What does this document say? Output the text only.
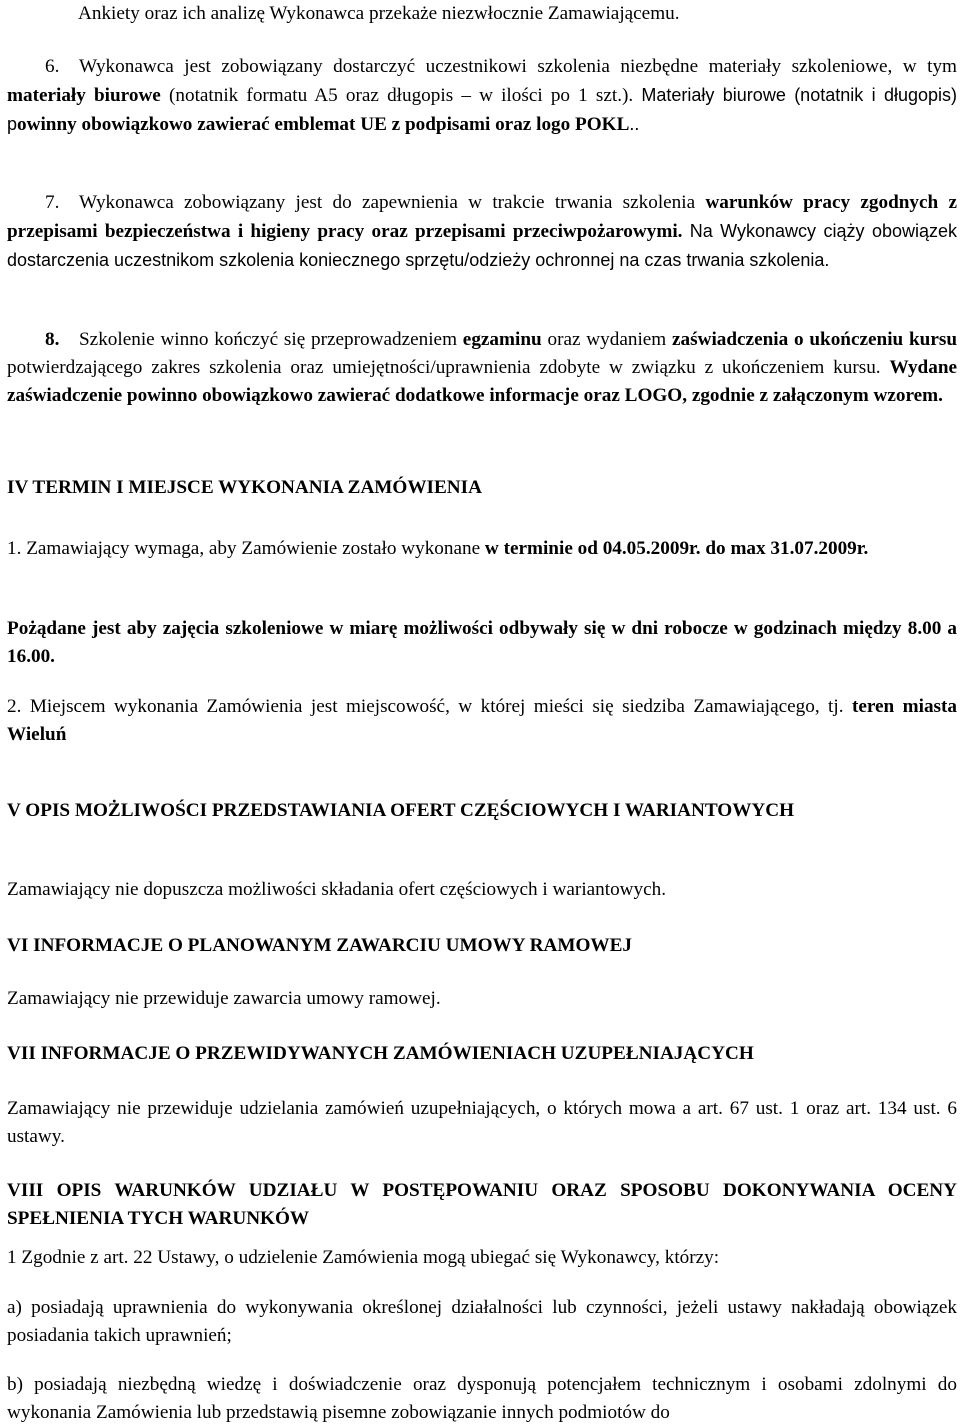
Ankiety oraz ich analizę Wykonawca przekaże niezwłocznie Zamawiającemu.

6. Wykonawca jest zobowiązany dostarczyć uczestnikowi szkolenia niezbędne materiały szkoleniowe, w tym materiały biurowe (notatnik formatu A5 oraz długopis – w ilości po 1 szt.). Materiały biurowe (notatnik i długopis) powinny obowiązkowo zawierać emblemat UE z podpisami oraz logo POKL..

7. Wykonawca zobowiązany jest do zapewnienia w trakcie trwania szkolenia warunków pracy zgodnych z przepisami bezpieczeństwa i higieny pracy oraz przepisami przeciwpożarowymi. Na Wykonawcy ciąży obowiązek dostarczenia uczestnikom szkolenia koniecznego sprzętu/odzieży ochronnej na czas trwania szkolenia.

8. Szkolenie winno kończyć się przeprowadzeniem egzaminu oraz wydaniem zaświadczenia o ukończeniu kursu potwierdzającego zakres szkolenia oraz umiejętności/uprawnienia zdobyte w związku z ukończeniem kursu. Wydane zaświadczenie powinno obowiązkowo zawierać dodatkowe informacje oraz LOGO, zgodnie z załączonym wzorem.

IV TERMIN I MIEJSCE WYKONANIA ZAMÓWIENIA

1. Zamawiający wymaga, aby Zamówienie zostało wykonane w terminie od 04.05.2009r. do max 31.07.2009r.

Pożądane jest aby zajęcia szkoleniowe w miarę możliwości odbywały się w dni robocze w godzinach między 8.00 a 16.00.

2. Miejscem wykonania Zamówienia jest miejscowość, w której mieści się siedziba Zamawiającego, tj. teren miasta Wieluń

V OPIS MOŻLIWOŚCI PRZEDSTAWIANIA OFERT CZĘŚCIOWYCH I WARIANTOWYCH

Zamawiający nie dopuszcza możliwości składania ofert częściowych i wariantowych.

VI INFORMACJE O PLANOWANYM ZAWARCIU UMOWY RAMOWEJ

Zamawiający nie przewiduje zawarcia umowy ramowej.

VII INFORMACJE O PRZEWIDYWANYCH ZAMÓWIENIACH UZUPEŁNIAJĄCYCH

Zamawiający nie przewiduje udzielania zamówień uzupełniających, o których mowa a art. 67 ust. 1 oraz art. 134 ust. 6 ustawy.

VIII OPIS WARUNKÓW UDZIAŁU W POSTĘPOWANIU ORAZ SPOSOBU DOKONYWANIA OCENY SPEŁNIENIA TYCH WARUNKÓW

1 Zgodnie z art. 22 Ustawy, o udzielenie Zamówienia mogą ubiegać się Wykonawcy, którzy:

a) posiadają uprawnienia do wykonywania określonej działalności lub czynności, jeżeli ustawy nakładają obowiązek posiadania takich uprawnień;

b) posiadają niezbędną wiedzę i doświadczenie oraz dysponują potencjałem technicznym i osobami zdolnymi do wykonania Zamówienia lub przedstawią pisemne zobowiązanie innych podmiotów do
